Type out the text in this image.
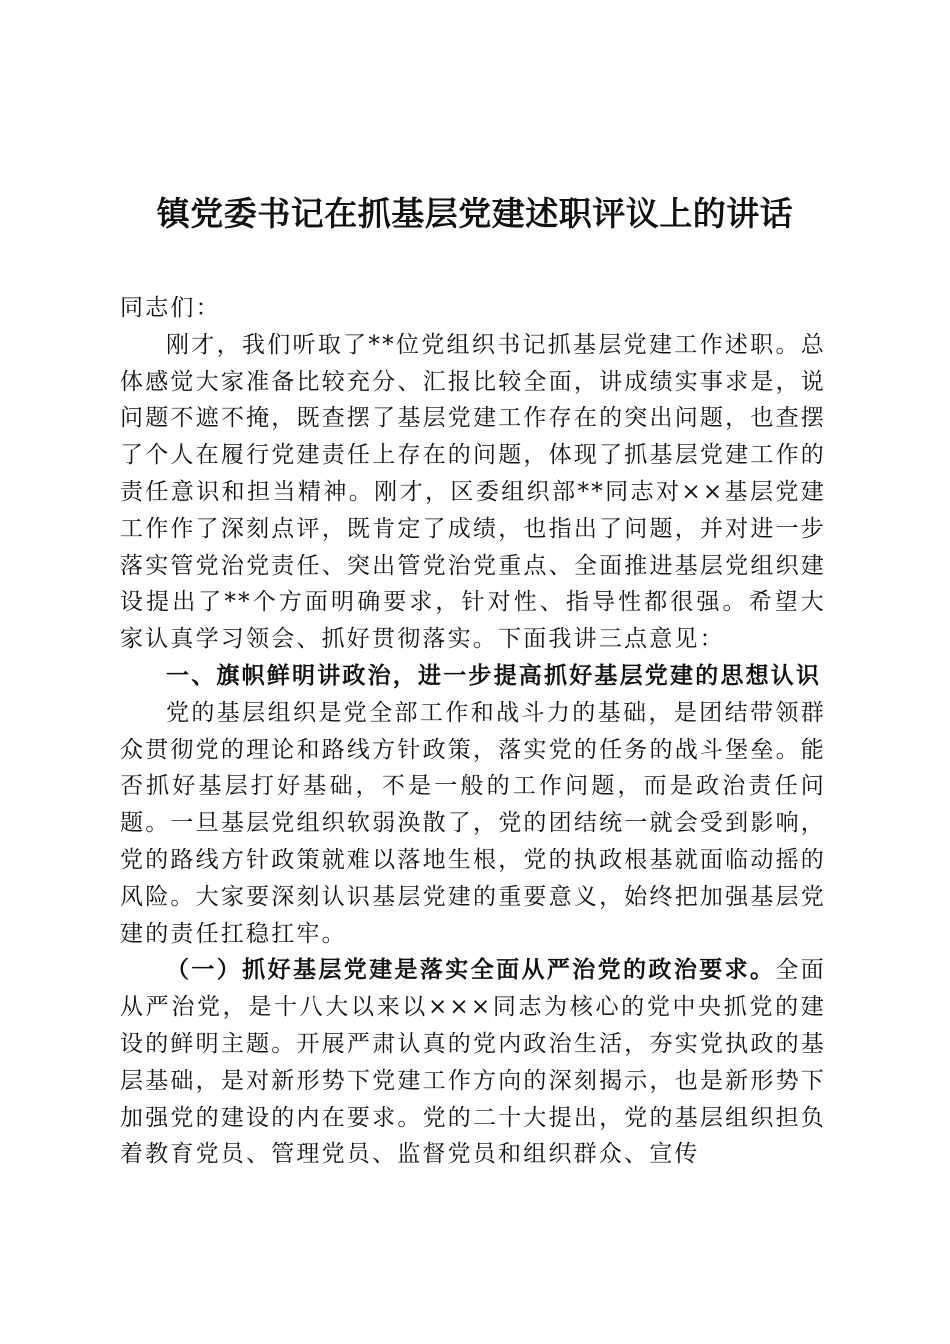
镇党委书记在抓基层党建述职评议上的讲话

同志们：

刚才，我们听取了**位党组织书记抓基层党建工作述职。总体感觉大家准备比较充分、汇报比较全面，讲成绩实事求是，说问题不遮不掩，既查摆了基层党建工作存在的突出问题，也查摆了个人在履行党建责任上存在的问题，体现了抓基层党建工作的责任意识和担当精神。刚才，区委组织部**同志对××基层党建工作作了深刻点评，既肯定了成绩，也指出了问题，并对进一步落实管党治党责任、突出管党治党重点、全面推进基层党组织建设提出了**个方面明确要求，针对性、指导性都很强。希望大家认真学习领会、抓好贯彻落实。下面我讲三点意见：

一、旗帜鲜明讲政治，进一步提高抓好基层党建的思想认识

党的基层组织是党全部工作和战斗力的基础，是团结带领群众贯彻党的理论和路线方针政策，落实党的任务的战斗堡垒。能否抓好基层打好基础，不是一般的工作问题，而是政治责任问题。一旦基层党组织软弱涣散了，党的团结统一就会受到影响，党的路线方针政策就难以落地生根，党的执政根基就面临动摇的风险。大家要深刻认识基层党建的重要意义，始终把加强基层党建的责任扛稳扛牢。

（一）抓好基层党建是落实全面从严治党的政治要求。全面从严治党，是十八大以来以×××同志为核心的党中央抓党的建设的鲜明主题。开展严肃认真的党内政治生活，夯实党执政的基层基础，是对新形势下党建工作方向的深刻揭示，也是新形势下加强党的建设的内在要求。党的二十大提出，党的基层组织担负着教育党员、管理党员、监督党员和组织群众、宣传
